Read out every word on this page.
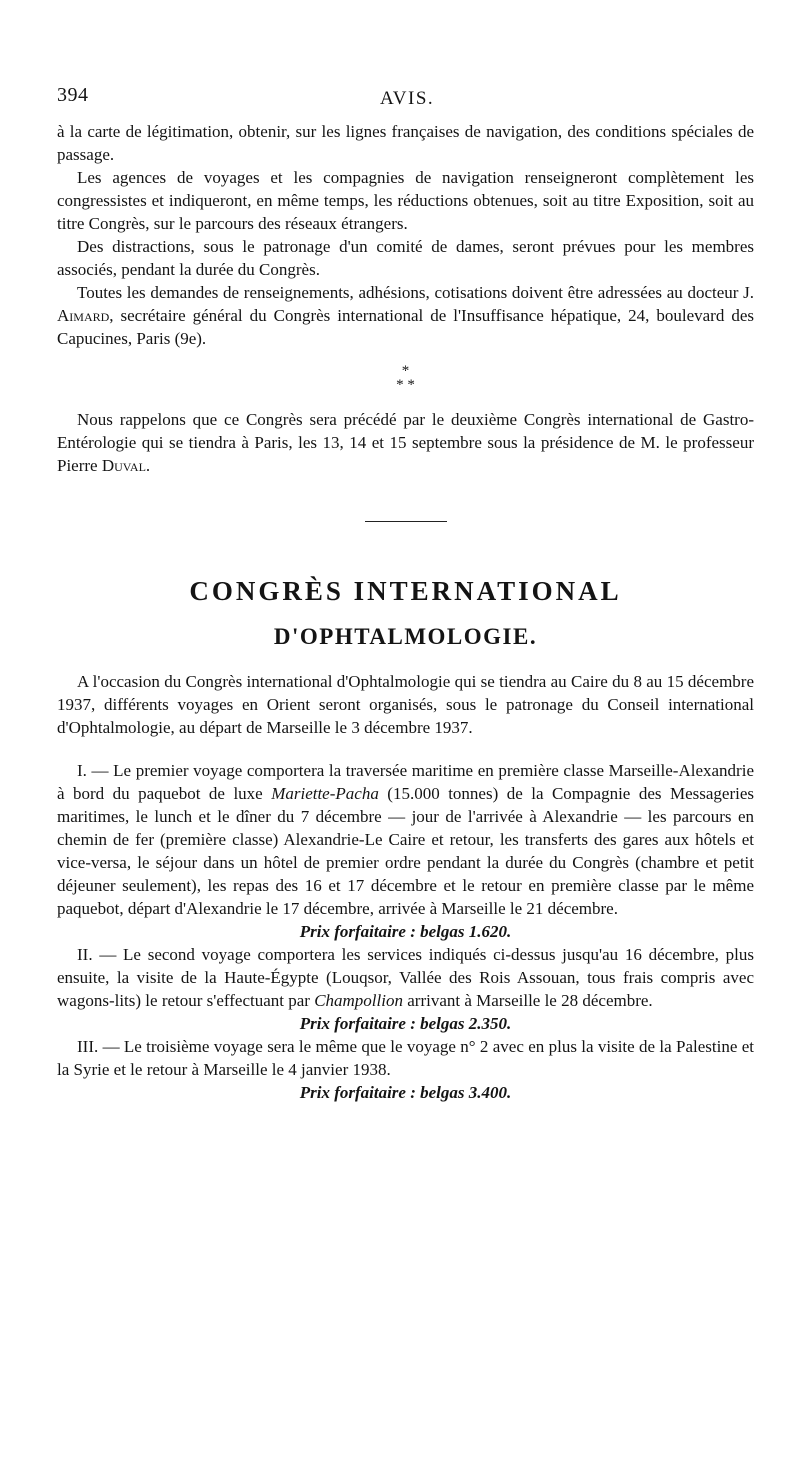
394	AVIS.

à la carte de légitimation, obtenir, sur les lignes françaises de navigation, des conditions spéciales de passage.

Les agences de voyages et les compagnies de navigation renseigneront complètement les congressistes et indiqueront, en même temps, les réductions obtenues, soit au titre Exposition, soit au titre Congrès, sur le parcours des réseaux étrangers.

Des distractions, sous le patronage d'un comité de dames, seront prévues pour les membres associés, pendant la durée du Congrès.

Toutes les demandes de renseignements, adhésions, cotisations doivent être adressées au docteur J. Aimard, secrétaire général du Congrès international de l'Insuffisance hépatique, 24, boulevard des Capucines, Paris (9e).

*
* *

Nous rappelons que ce Congrès sera précédé par le deuxième Congrès international de Gastro-Entérologie qui se tiendra à Paris, les 13, 14 et 15 septembre sous la présidence de M. le professeur Pierre Duval.

CONGRÈS INTERNATIONAL
D'OPHTALMOLOGIE.

A l'occasion du Congrès international d'Ophtalmologie qui se tiendra au Caire du 8 au 15 décembre 1937, différents voyages en Orient seront organisés, sous le patronage du Conseil international d'Ophtalmologie, au départ de Marseille le 3 décembre 1937.

I. — Le premier voyage comportera la traversée maritime en première classe Marseille-Alexandrie à bord du paquebot de luxe Mariette-Pacha (15.000 tonnes) de la Compagnie des Messageries maritimes, le lunch et le dîner du 7 décembre — jour de l'arrivée à Alexandrie — les parcours en chemin de fer (première classe) Alexandrie-Le Caire et retour, les transferts des gares aux hôtels et vice-versa, le séjour dans un hôtel de premier ordre pendant la durée du Congrès (chambre et petit déjeuner seulement), les repas des 16 et 17 décembre et le retour en première classe par le même paquebot, départ d'Alexandrie le 17 décembre, arrivée à Marseille le 21 décembre.

Prix forfaitaire : belgas 1.620.

II. — Le second voyage comportera les services indiqués ci-dessus jusqu'au 16 décembre, plus ensuite, la visite de la Haute-Égypte (Louqsor, Vallée des Rois Assouan, tous frais compris avec wagons-lits) le retour s'effectuant par Champollion arrivant à Marseille le 28 décembre.

Prix forfaitaire : belgas 2.350.

III. — Le troisième voyage sera le même que le voyage n° 2 avec en plus la visite de la Palestine et la Syrie et le retour à Marseille le 4 janvier 1938.

Prix forfaitaire : belgas 3.400.
